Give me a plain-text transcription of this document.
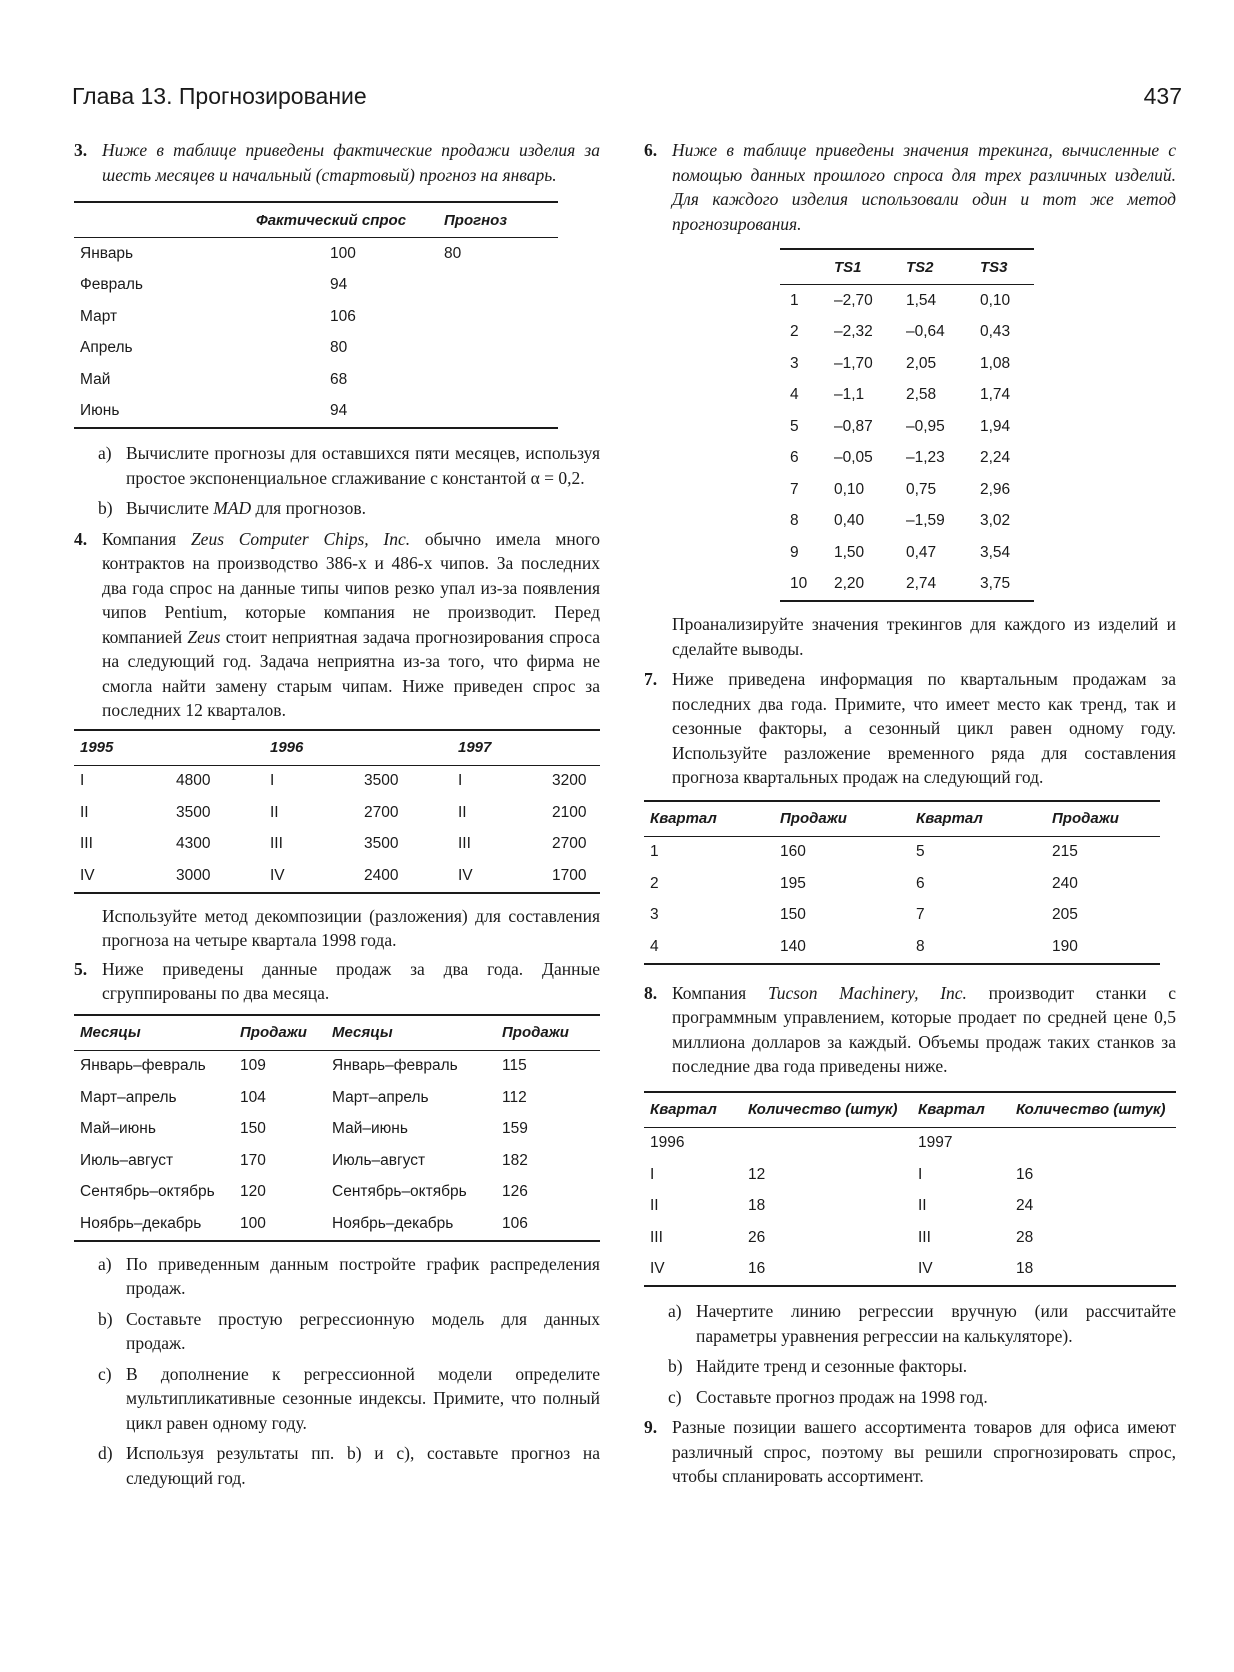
Глава 13. Прогнозирование	437
3. Ниже в таблице приведены фактические продажи изделия за шесть месяцев и начальный (стартовый) прогноз на январь.

	Фактический спрос	Прогноз
Январь	100	80
Февраль	94	
Март	106	
Апрель	80	
Май	68	
Июнь	94	
a) Вычислите прогнозы для оставшихся пяти месяцев, используя простое экспоненциальное сглаживание с константой α = 0,2.

b) Вычислите MAD для прогнозов.

4. Компания Zeus Computer Chips, Inc. обычно имела много контрактов на производство 386-х и 486-х чипов. За последних два года спрос на данные типы чипов резко упал из-за появления чипов Pentium, которые компания не производит. Перед компанией Zeus стоит неприятная задача прогнозирования спроса на следующий год. Задача неприятна из-за того, что фирма не смогла найти замену старым чипам. Ниже приведен спрос за последних 12 кварталов.

1995		1996		1997	
I	4800	I	3500	I	3200
II	3500	II	2700	II	2100
III	4300	III	3500	III	2700
IV	3000	IV	2400	IV	1700

Используйте метод декомпозиции (разложения) для составления прогноза на четыре квартала 1998 года.

5. Ниже приведены данные продаж за два года. Данные сгруппированы по два месяца.

Месяцы	Продажи	Месяцы	Продажи
Январь–февраль	109	Январь–февраль	115
Март–апрель	104	Март–апрель	112
Май–июнь	150	Май–июнь	159
Июль–август	170	Июль–август	182
Сентябрь–октябрь	120	Сентябрь–октябрь	126
Ноябрь–декабрь	100	Ноябрь–декабрь	106
a) По приведенным данным постройте график распределения продаж.

b) Составьте простую регрессионную модель для данных продаж.

c) В дополнение к регрессионной модели определите мультипликативные сезонные индексы. Примите, что полный цикл равен одному году.

d) Используя результаты пп. b) и c), составьте прогноз на следующий год.

6. Ниже в таблице приведены значения трекинга, вычисленные с помощью данных прошлого спроса для трех различных изделий. Для каждого изделия использовали один и тот же метод прогнозирования.

	TS1	TS2	TS3
1	–2,70	1,54	0,10
2	–2,32	–0,64	0,43
3	–1,70	2,05	1,08
4	–1,1	2,58	1,74
5	–0,87	–0,95	1,94
6	–0,05	–1,23	2,24
7	0,10	0,75	2,96
8	0,40	–1,59	3,02
9	1,50	0,47	3,54
10	2,20	2,74	3,75

Проанализируйте значения трекингов для каждого из изделий и сделайте выводы.

7. Ниже приведена информация по квартальным продажам за последних два года. Примите, что имеет место как тренд, так и сезонные факторы, а сезонный цикл равен одному году. Используйте разложение временного ряда для составления прогноза квартальных продаж на следующий год.

Квартал	Продажи	Квартал	Продажи
1	160	5	215
2	195	6	240
3	150	7	205
4	140	8	190
8. Компания Tucson Machinery, Inc. производит станки с программным управлением, которые продает по средней цене 0,5 миллиона долларов за каждый. Объемы продаж таких станков за последние два года приведены ниже.

Квартал	Количество (штук)	Квартал	Количество (штук)
1996		1997	
I	12	I	16
II	18	II	24
III	26	III	28
IV	16	IV	18
a) Начертите линию регрессии вручную (или рассчитайте параметры уравнения регрессии на калькуляторе).

b) Найдите тренд и сезонные факторы.

c) Составьте прогноз продаж на 1998 год.

9. Разные позиции вашего ассортимента товаров для офиса имеют различный спрос, поэтому вы решили спрогнозировать спрос, чтобы спланировать ассортимент.
